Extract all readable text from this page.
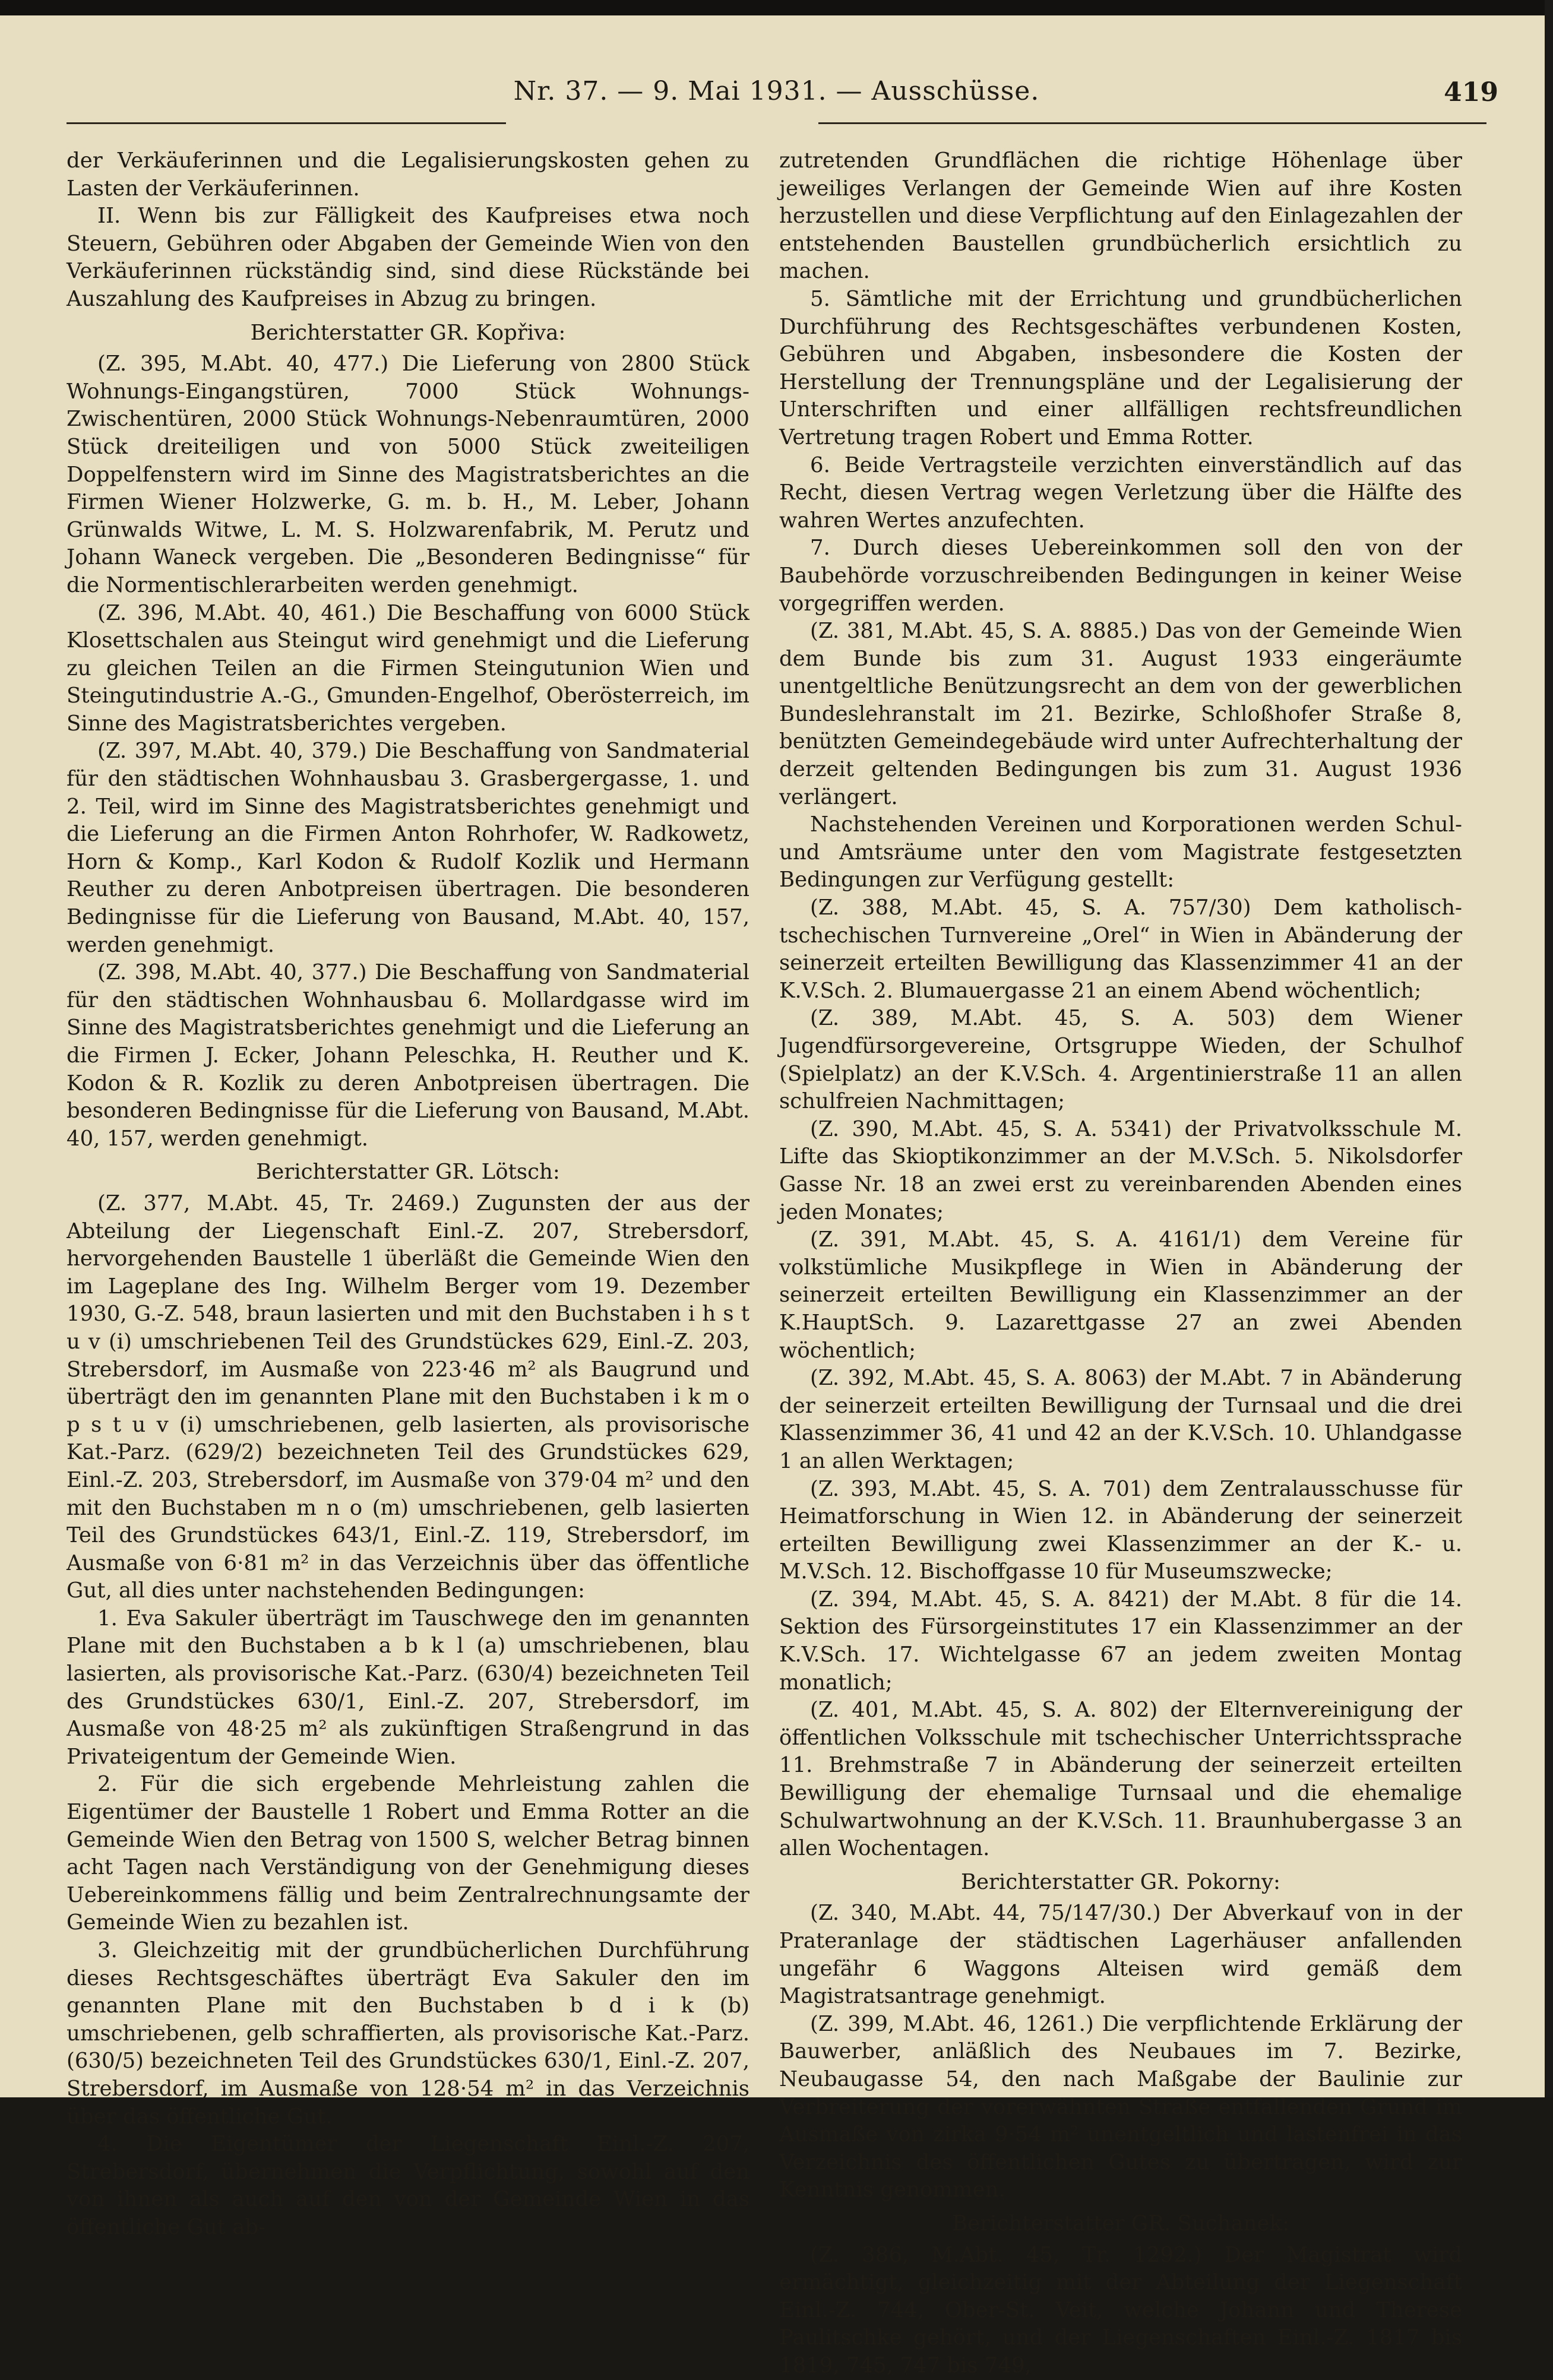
Nr. 37. — 9. Mai 1931. — Ausschüsse.	419

der Verkäuferinnen und die Legalisierungskosten gehen zu Lasten der Verkäuferinnen.

II. Wenn bis zur Fälligkeit des Kaufpreises etwa noch Steuern, Gebühren oder Abgaben der Gemeinde Wien von den Verkäuferinnen rückständig sind, sind diese Rückstände bei Auszahlung des Kaufpreises in Abzug zu bringen.

Berichterstatter GR. Kopřiva:

(Z. 395, M.Abt. 40, 477.) Die Lieferung von 2800 Stück Wohnungs-Eingangstüren, 7000 Stück Wohnungs-Zwischentüren, 2000 Stück Wohnungs-Nebenraumtüren, 2000 Stück dreiteiligen und von 5000 Stück zweiteiligen Doppelfenstern wird im Sinne des Magistratsberichtes an die Firmen Wiener Holzwerke, G. m. b. H., M. Leber, Johann Grünwalds Witwe, L. M. S. Holzwarenfabrik, M. Perutz und Johann Waneck vergeben. Die „Besonderen Bedingnisse“ für die Normentischlerarbeiten werden genehmigt.

(Z. 396, M.Abt. 40, 461.) Die Beschaffung von 6000 Stück Klosettschalen aus Steingut wird genehmigt und die Lieferung zu gleichen Teilen an die Firmen Steingutunion Wien und Steingutindustrie A.-G., Gmunden-Engelhof, Oberösterreich, im Sinne des Magistratsberichtes vergeben.

(Z. 397, M.Abt. 40, 379.) Die Beschaffung von Sandmaterial für den städtischen Wohnhausbau 3. Grasbergergasse, 1. und 2. Teil, wird im Sinne des Magistratsberichtes genehmigt und die Lieferung an die Firmen Anton Rohrhofer, W. Radkowetz, Horn & Komp., Karl Kodon & Rudolf Kozlik und Hermann Reuther zu deren Anbotpreisen übertragen. Die besonderen Bedingnisse für die Lieferung von Bausand, M.Abt. 40, 157, werden genehmigt.

(Z. 398, M.Abt. 40, 377.) Die Beschaffung von Sandmaterial für den städtischen Wohnhausbau 6. Mollardgasse wird im Sinne des Magistratsberichtes genehmigt und die Lieferung an die Firmen J. Ecker, Johann Peleschka, H. Reuther und K. Kodon & R. Kozlik zu deren Anbotpreisen übertragen. Die besonderen Bedingnisse für die Lieferung von Bausand, M.Abt. 40, 157, werden genehmigt.

Berichterstatter GR. Lötsch:

(Z. 377, M.Abt. 45, Tr. 2469.) Zugunsten der aus der Abteilung der Liegenschaft Einl.-Z. 207, Strebersdorf, hervorgehenden Baustelle 1 überläßt die Gemeinde Wien den im Lageplane des Ing. Wilhelm Berger vom 19. Dezember 1930, G.-Z. 548, braun lasierten und mit den Buchstaben i h s t u v (i) umschriebenen Teil des Grundstückes 629, Einl.-Z. 203, Strebersdorf, im Ausmaße von 223·46 m² als Baugrund und überträgt den im genannten Plane mit den Buchstaben i k m o p s t u v (i) umschriebenen, gelb lasierten, als provisorische Kat.-Parz. (629/2) bezeichneten Teil des Grundstückes 629, Einl.-Z. 203, Strebersdorf, im Ausmaße von 379·04 m² und den mit den Buchstaben m n o (m) umschriebenen, gelb lasierten Teil des Grundstückes 643/1, Einl.-Z. 119, Strebersdorf, im Ausmaße von 6·81 m² in das Verzeichnis über das öffentliche Gut, all dies unter nachstehenden Bedingungen:

1. Eva Sakuler überträgt im Tauschwege den im genannten Plane mit den Buchstaben a b k l (a) umschriebenen, blau lasierten, als provisorische Kat.-Parz. (630/4) bezeichneten Teil des Grundstückes 630/1, Einl.-Z. 207, Strebersdorf, im Ausmaße von 48·25 m² als zukünftigen Straßengrund in das Privateigentum der Gemeinde Wien.

2. Für die sich ergebende Mehrleistung zahlen die Eigentümer der Baustelle 1 Robert und Emma Rotter an die Gemeinde Wien den Betrag von 1500 S, welcher Betrag binnen acht Tagen nach Verständigung von der Genehmigung dieses Uebereinkommens fällig und beim Zentralrechnungsamte der Gemeinde Wien zu bezahlen ist.

3. Gleichzeitig mit der grundbücherlichen Durchführung dieses Rechtsgeschäftes überträgt Eva Sakuler den im genannten Plane mit den Buchstaben b d i k (b) umschriebenen, gelb schraffierten, als provisorische Kat.-Parz. (630/5) bezeichneten Teil des Grundstückes 630/1, Einl.-Z. 207, Strebersdorf, im Ausmaße von 128·54 m² in das Verzeichnis über das öffentliche Gut.

4. Die Eigentümer der Liegenschaft Einl.-Z. 207, Strebersdorf, übernehmen die Verpflichtung, sowohl auf den von ihnen als auch auf den von der Gemeinde Wien in das öffentliche Gut ab-

zutretenden Grundflächen die richtige Höhenlage über jeweiliges Verlangen der Gemeinde Wien auf ihre Kosten herzustellen und diese Verpflichtung auf den Einlagezahlen der entstehenden Baustellen grundbücherlich ersichtlich zu machen.

5. Sämtliche mit der Errichtung und grundbücherlichen Durchführung des Rechtsgeschäftes verbundenen Kosten, Gebühren und Abgaben, insbesondere die Kosten der Herstellung der Trennungspläne und der Legalisierung der Unterschriften und einer allfälligen rechtsfreundlichen Vertretung tragen Robert und Emma Rotter.

6. Beide Vertragsteile verzichten einverständlich auf das Recht, diesen Vertrag wegen Verletzung über die Hälfte des wahren Wertes anzufechten.

7. Durch dieses Uebereinkommen soll den von der Baubehörde vorzuschreibenden Bedingungen in keiner Weise vorgegriffen werden.

(Z. 381, M.Abt. 45, S. A. 8885.) Das von der Gemeinde Wien dem Bunde bis zum 31. August 1933 eingeräumte unentgeltliche Benützungsrecht an dem von der gewerblichen Bundeslehranstalt im 21. Bezirke, Schloßhofer Straße 8, benützten Gemeindegebäude wird unter Aufrechterhaltung der derzeit geltenden Bedingungen bis zum 31. August 1936 verlängert.

Nachstehenden Vereinen und Korporationen werden Schul- und Amtsräume unter den vom Magistrate festgesetzten Bedingungen zur Verfügung gestellt:

(Z. 388, M.Abt. 45, S. A. 757/30) Dem katholisch-tschechischen Turnvereine „Orel“ in Wien in Abänderung der seinerzeit erteilten Bewilligung das Klassenzimmer 41 an der K.V.Sch. 2. Blumauergasse 21 an einem Abend wöchentlich;

(Z. 389, M.Abt. 45, S. A. 503) dem Wiener Jugendfürsorgevereine, Ortsgruppe Wieden, der Schulhof (Spielplatz) an der K.V.Sch. 4. Argentinierstraße 11 an allen schulfreien Nachmittagen;

(Z. 390, M.Abt. 45, S. A. 5341) der Privatvolksschule M. Lifte das Skioptikonzimmer an der M.V.Sch. 5. Nikolsdorfer Gasse Nr. 18 an zwei erst zu vereinbarenden Abenden eines jeden Monates;

(Z. 391, M.Abt. 45, S. A. 4161/1) dem Vereine für volkstümliche Musikpflege in Wien in Abänderung der seinerzeit erteilten Bewilligung ein Klassenzimmer an der K.HauptSch. 9. Lazarettgasse 27 an zwei Abenden wöchentlich;

(Z. 392, M.Abt. 45, S. A. 8063) der M.Abt. 7 in Abänderung der seinerzeit erteilten Bewilligung der Turnsaal und die drei Klassenzimmer 36, 41 und 42 an der K.V.Sch. 10. Uhlandgasse 1 an allen Werktagen;

(Z. 393, M.Abt. 45, S. A. 701) dem Zentralausschusse für Heimatforschung in Wien 12. in Abänderung der seinerzeit erteilten Bewilligung zwei Klassenzimmer an der K.- u. M.V.Sch. 12. Bischoffgasse 10 für Museumszwecke;

(Z. 394, M.Abt. 45, S. A. 8421) der M.Abt. 8 für die 14. Sektion des Fürsorgeinstitutes 17 ein Klassenzimmer an der K.V.Sch. 17. Wichtelgasse 67 an jedem zweiten Montag monatlich;

(Z. 401, M.Abt. 45, S. A. 802) der Elternvereinigung der öffentlichen Volksschule mit tschechischer Unterrichtssprache 11. Brehmstraße 7 in Abänderung der seinerzeit erteilten Bewilligung der ehemalige Turnsaal und die ehemalige Schulwartwohnung an der K.V.Sch. 11. Braunhubergasse 3 an allen Wochentagen.

Berichterstatter GR. Pokorny:

(Z. 340, M.Abt. 44, 75/147/30.) Der Abverkauf von in der Prateranlage der städtischen Lagerhäuser anfallenden ungefähr 6 Waggons Alteisen wird gemäß dem Magistratsantrage genehmigt.

(Z. 399, M.Abt. 46, 1261.) Die verpflichtende Erklärung der Bauwerber, anläßlich des Neubaues im 7. Bezirke, Neubaugasse 54, den nach Maßgabe der Baulinie zur Verbreiterung der vorerwähnten Straße entfallenden Grund im Ausmaße von zirka 9·54 m² unentgeltlich und lastenfrei in das Verzeichnis des öffentlichen Gutes zu übertragen, wird zur Kenntnis genommen.

Berichterstatter GR. Suchanek:

(Z. 386, M.Abt. 45, Tr. 1292.) Der Magistrat wird ermächtigt, gleichzeitig mit der Abteilung der Liegenschaft Einl.-Z. 744, Ober-St. Veit, welche Johann und Therese Paulitschke gehört, und der Liegenschaften Einl.-Z. 1817 bis 1819, 745, 747 bis 749,
